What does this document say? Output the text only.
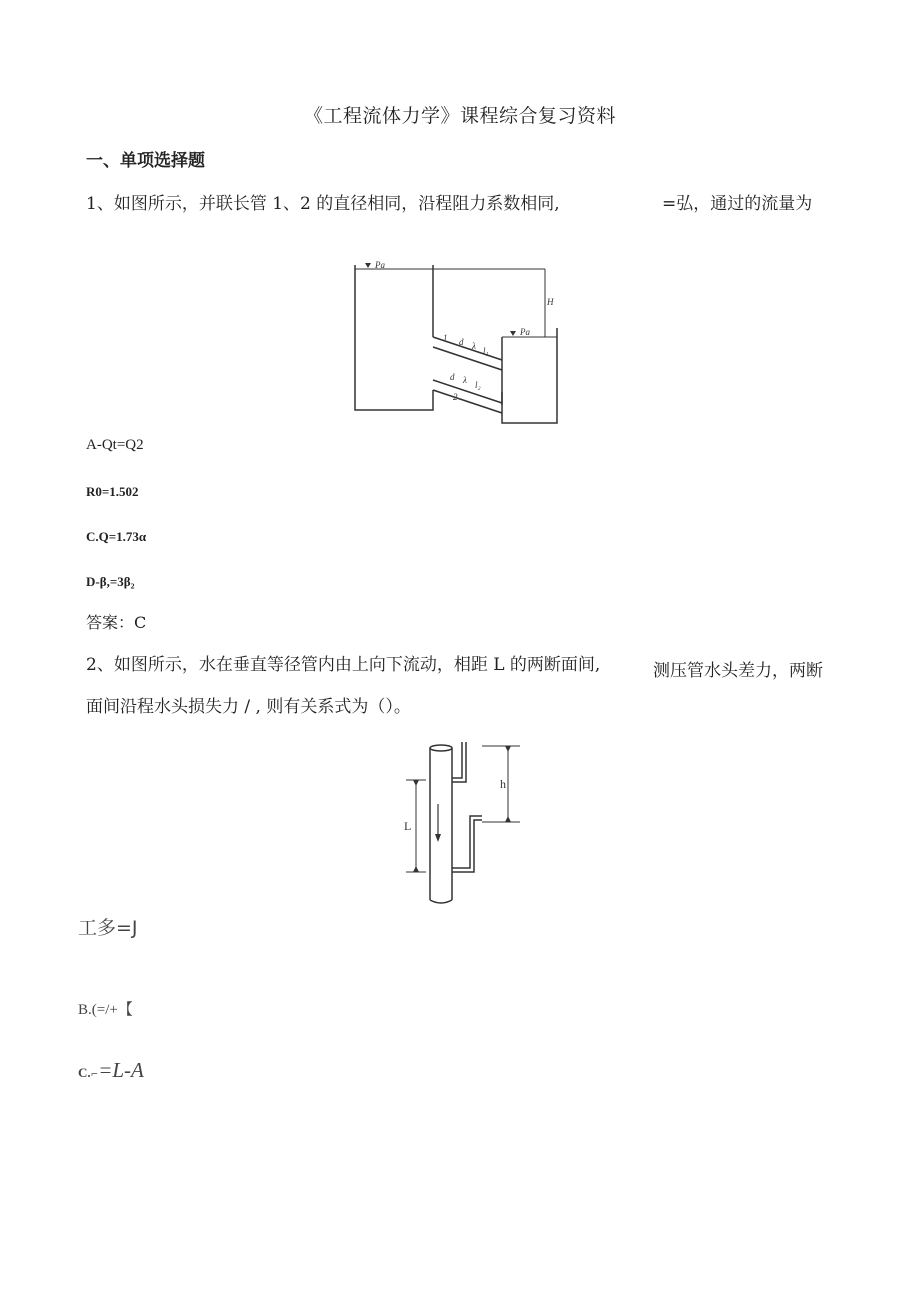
《工程流体力学》课程综合复习资料
一、单项选择题
1、如图所示，并联长管 1、2 的直径相同，沿程阻力系数相同,	=弘，通过的流量为
Pa
Pa
H
1 d λ l₁
d λ l₂
2
A-Qt=Q2
R0=1.502
C.Q=1.73α
D-β,=3β₂
答案：C
2、如图所示，水在垂直等径管内由上向下流动，相距 L 的两断面间,	测压管水头差力，两断
面间沿程水头损失力 / , 则有关系式为（）。
L
h
工多=J
B.(=/+【
C.⌐=L-A
